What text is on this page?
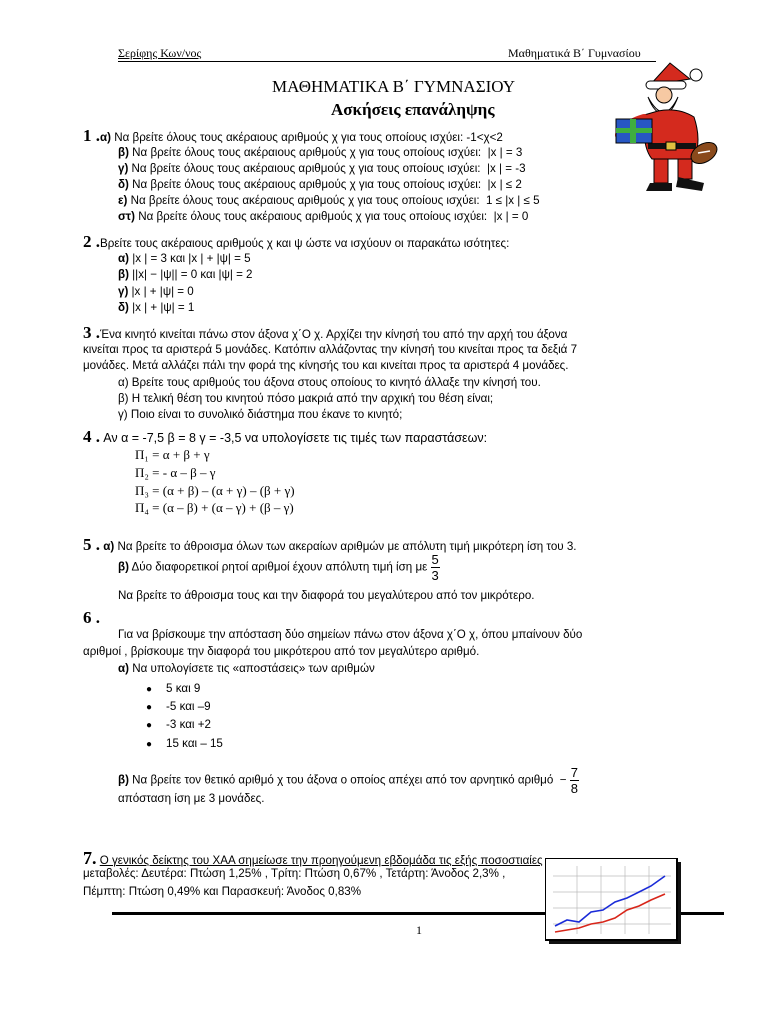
Σερίφης Κων/νος	Μαθηματικά Β΄ Γυμνασίου
ΜΑΘΗΜΑΤΙΚΑ Β΄ ΓΥΜΝΑΣΙΟΥ
Ασκήσεις επανάληψης
1 .α) Να βρείτε όλους τους ακέραιους αριθμούς χ για τους οποίους ισχύει: -1<χ<2
β) Να βρείτε όλους τους ακέραιους αριθμούς χ για τους οποίους ισχύει: |x | = 3
γ) Να βρείτε όλους τους ακέραιους αριθμούς χ για τους οποίους ισχύει: |x | = -3
δ) Να βρείτε όλους τους ακέραιους αριθμούς χ για τους οποίους ισχύει: |x | ≤ 2
ε) Να βρείτε όλους τους ακέραιους αριθμούς χ για τους οποίους ισχύει: 1 ≤ |x | ≤ 5
στ) Να βρείτε όλους τους ακέραιους αριθμούς χ για τους οποίους ισχύει: |x | = 0
2 .Βρείτε τους ακέραιους αριθμούς χ και ψ ώστε να ισχύουν οι παρακάτω ισότητες:
α) |x | = 3 και |x | + |ψ| = 5
β) ||x| − |ψ|| = 0 και |ψ| = 2
γ) |x | + |ψ| = 0
δ) |x | + |ψ| = 1
3 .Ένα κινητό κινείται πάνω στον άξονα χ΄Ο χ. Αρχίζει την κίνησή του από την αρχή του άξονα
κινείται προς τα αριστερά 5 μονάδες. Κατόπιν αλλάζοντας την κίνησή του κινείται προς τα δεξιά 7
μονάδες. Μετά αλλάζει πάλι την φορά της κίνησής του και κινείται προς τα αριστερά 4 μονάδες.
α) Βρείτε τους αριθμούς του άξονα στους οποίους το κινητό άλλαξε την κίνησή του.
β) Η τελική θέση του κινητού πόσο μακριά από την αρχική του θέση είναι;
γ) Ποιο είναι το συνολικό διάστημα που έκανε το κινητό;
4 . Αν α = -7,5 β = 8 γ = -3,5 να υπολογίσετε τις τιμές των παραστάσεων:
Π₁ = α + β + γ
Π₂ = - α – β – γ
Π₃ = (α + β) – (α + γ) – (β + γ)
Π₄ = (α – β) + (α – γ) + (β – γ)
5 . α) Να βρείτε το άθροισμα όλων των ακεραίων αριθμών με απόλυτη τιμή μικρότερη ίση του 3.
β) Δύο διαφορετικοί ρητοί αριθμοί έχουν απόλυτη τιμή ίση με $\frac{5}{3}$
Να βρείτε το άθροισμα τους και την διαφορά του μεγαλύτερου από τον μικρότερο.
6 .
Για να βρίσκουμε την απόσταση δύο σημείων πάνω στον άξονα χ΄Ο χ, όπου μπαίνουν δύο
αριθμοί , βρίσκουμε την διαφορά του μικρότερου από τον μεγαλύτερο αριθμό.
α) Να υπολογίσετε τις «αποστάσεις» των αριθμών
● 5 και 9
● -5 και –9
● -3 και +2
● 15 και – 15
β) Να βρείτε τον θετικό αριθμό χ του άξονα ο οποίος απέχει από τον αρνητικό $\alpha\rho\iota\theta\mu ό - \frac{7}{8}$
απόσταση ίση με 3 μονάδες.
7. Ο γενικός δείκτης του ΧΑΑ σημείωσε την προηγούμενη εβδομάδα τις εξής ποσοστιαίες
μεταβολές: Δευτέρα: Πτώση 1,25% , Τρίτη: Πτώση 0,67% , Τετάρτη: Άνοδος 2,3% ,
Πέμπτη: Πτώση 0,49% και Παρασκευή: Άνοδος 0,83%
1
